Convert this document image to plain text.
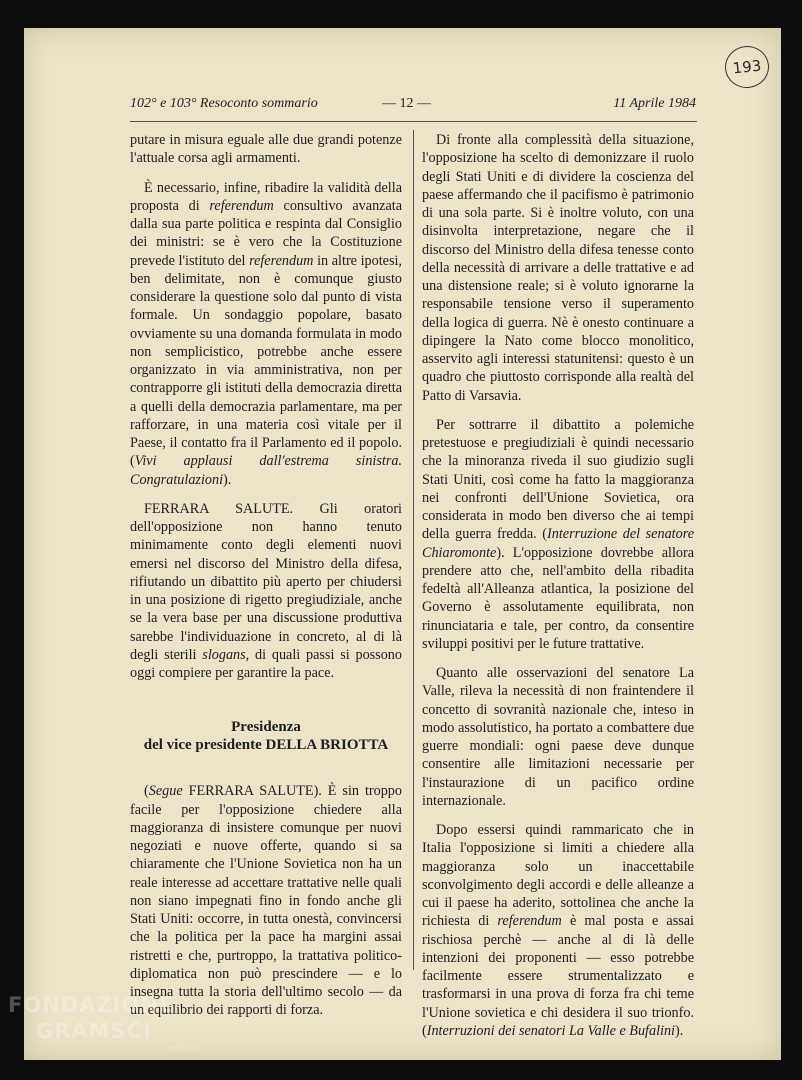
193
102° e 103° Resoconto sommario	— 12 —	11 Aprile 1984

putare in misura eguale alle due grandi potenze l'attuale corsa agli armamenti.

È necessario, infine, ribadire la validità della proposta di referendum consultivo avanzata dalla sua parte politica e respinta dal Consiglio dei ministri: se è vero che la Costituzione prevede l'istituto del referendum in altre ipotesi, ben delimitate, non è comunque giusto considerare la questione solo dal punto di vista formale. Un sondaggio popolare, basato ovviamente su una domanda formulata in modo non semplicistico, potrebbe anche essere organizzato in via amministrativa, non per contrapporre gli istituti della democrazia diretta a quelli della democrazia parlamentare, ma per rafforzare, in una materia così vitale per il Paese, il contatto fra il Parlamento ed il popolo. (Vivi applausi dall'estrema sinistra. Congratulazioni).

FERRARA SALUTE. Gli oratori dell'opposizione non hanno tenuto minimamente conto degli elementi nuovi emersi nel discorso del Ministro della difesa, rifiutando un dibattito più aperto per chiudersi in una posizione di rigetto pregiudiziale, anche se la vera base per una discussione produttiva sarebbe l'individuazione in concreto, al di là degli sterili slogans, di quali passi si possono oggi compiere per garantire la pace.

Presidenza
del vice presidente DELLA BRIOTTA

(Segue FERRARA SALUTE). È sin troppo facile per l'opposizione chiedere alla maggioranza di insistere comunque per nuovi negoziati e nuove offerte, quando si sa chiaramente che l'Unione Sovietica non ha un reale interesse ad accettare trattative nelle quali non siano impegnati fino in fondo anche gli Stati Uniti: occorre, in tutta onestà, convincersi che la politica per la pace ha margini assai ristretti e che, purtroppo, la trattativa politico-diplomatica non può prescindere — e lo insegna tutta la storia dell'ultimo secolo — da un equilibrio dei rapporti di forza.

Di fronte alla complessità della situazione, l'opposizione ha scelto di demonizzare il ruolo degli Stati Uniti e di dividere la coscienza del paese affermando che il pacifismo è patrimonio di una sola parte. Si è inoltre voluto, con una disinvolta interpretazione, negare che il discorso del Ministro della difesa tenesse conto della necessità di arrivare a delle trattative e ad una distensione reale; si è voluto ignorarne la responsabile tensione verso il superamento della logica di guerra. Nè è onesto continuare a dipingere la Nato come blocco monolitico, asservito agli interessi statunitensi: questo è un quadro che piuttosto corrisponde alla realtà del Patto di Varsavia.

Per sottrarre il dibattito a polemiche pretestuose e pregiudiziali è quindi necessario che la minoranza riveda il suo giudizio sugli Stati Uniti, così come ha fatto la maggioranza nei confronti dell'Unione Sovietica, ora considerata in modo ben diverso che ai tempi della guerra fredda. (Interruzione del senatore Chiaromonte). L'opposizione dovrebbe allora prendere atto che, nell'ambito della ribadita fedeltà all'Alleanza atlantica, la posizione del Governo è assolutamente equilibrata, non rinunciataria e tale, per contro, da consentire sviluppi positivi per le future trattative.

Quanto alle osservazioni del senatore La Valle, rileva la necessità di non fraintendere il concetto di sovranità nazionale che, inteso in modo assolutistico, ha portato a combattere due guerre mondiali: ogni paese deve dunque consentire alle limitazioni necessarie per l'instaurazione di un pacifico ordine internazionale.

Dopo essersi quindi rammaricato che in Italia l'opposizione si limiti a chiedere alla maggioranza solo un inaccettabile sconvolgimento degli accordi e delle alleanze a cui il paese ha aderito, sottolinea che anche la richiesta di referendum è mal posta e assai rischiosa perchè — anche al di là delle intenzioni dei proponenti — esso potrebbe facilmente essere strumentalizzato e trasformarsi in una prova di forza fra chi teme l'Unione sovietica e chi desidera il suo trionfo. (Interruzioni dei senatori La Valle e Bufalini).

FONDAZIONE
GRAMSCI
online
